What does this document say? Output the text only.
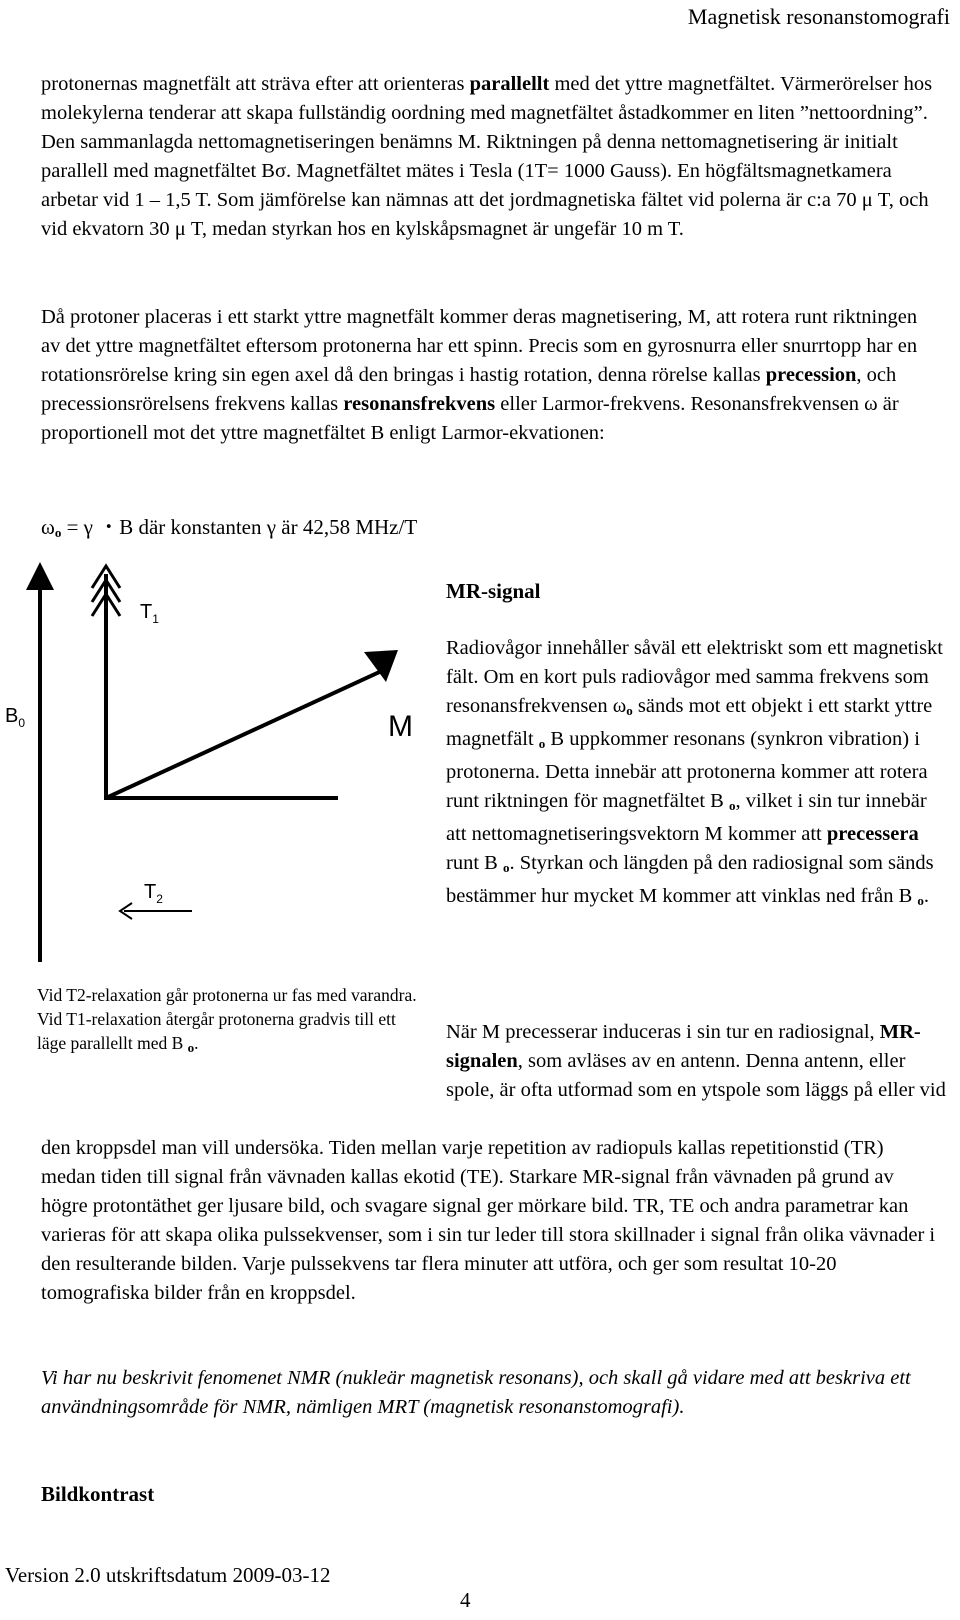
Magnetisk resonanstomografi

protonernas magnetfält att sträva efter att orienteras parallellt med det yttre magnetfältet. Värmerörelser hos molekylerna tenderar att skapa fullständig oordning med magnetfältet åstadkommer en liten ”nettoordning”. Den sammanlagda nettomagnetiseringen benämns M. Riktningen på denna nettomagnetisering är initialt parallell med magnetfältet Bσ. Magnetfältet mätes i Tesla (1T= 1000 Gauss). En högfältsmagnetkamera arbetar vid 1 – 1,5 T. Som jämförelse kan nämnas att det jordmagnetiska fältet vid polerna är c:a 70 μ T, och vid ekvatorn 30 μ T, medan styrkan hos en kylskåpsmagnet är ungefär 10 m T.

Då protoner placeras i ett starkt yttre magnetfält kommer deras magnetisering, M, att rotera runt riktningen av det yttre magnetfältet eftersom protonerna har ett spinn. Precis som en gyrosnurra eller snurrtopp har en rotationsrörelse kring sin egen axel då den bringas i hastig rotation, denna rörelse kallas precession, och precessionsrörelsens frekvens kallas resonansfrekvens eller Larmor-frekvens. Resonansfrekvensen ω är proportionell mot det yttre magnetfältet B enligt Larmor-ekvationen:

$\omega_o = \gamma$ ・B där konstanten γ är 42,58 MHz/T
$B_0$
$T_1$
M
$T_2$

Vid T2-relaxation går protonerna ur fas med varandra. Vid T1-relaxation återgår protonerna gradvis till ett läge parallellt med B $_o$.

MR-signal

Radiovågor innehåller såväl ett elektriskt som ett magnetiskt fält. Om en kort puls radiovågor med samma frekvens som resonansfrekvensen $\omega_o$ sänds mot ett objekt i ett starkt yttre magnetfält $_o$ B uppkommer resonans (synkron vibration) i protonerna. Detta innebär att protonerna kommer att rotera runt riktningen för magnetfältet B $_o$, vilket i sin tur innebär att nettomagnetiseringsvektorn M kommer att precessera runt B $_o$. Styrkan och längden på den radiosignal som sänds bestämmer hur mycket M kommer att vinklas ned från B $_o$.

När M precesserar induceras i sin tur en radiosignal, MR-signalen, som avläses av en antenn. Denna antenn, eller spole, är ofta utformad som en ytspole som läggs på eller vid

den kroppsdel man vill undersöka. Tiden mellan varje repetition av radiopuls kallas repetitionstid (TR) medan tiden till signal från vävnaden kallas ekotid (TE). Starkare MR-signal från vävnaden på grund av högre protontäthet ger ljusare bild, och svagare signal ger mörkare bild. TR, TE och andra parametrar kan varieras för att skapa olika pulssekvenser, som i sin tur leder till stora skillnader i signal från olika vävnader i den resulterande bilden. Varje pulssekvens tar flera minuter att utföra, och ger som resultat 10-20 tomografiska bilder från en kroppsdel.

Vi har nu beskrivit fenomenet NMR (nukleär magnetisk resonans), och skall gå vidare med att beskriva ett användningsområde för NMR, nämligen MRT (magnetisk resonanstomografi).

Bildkontrast
Version 2.0 utskriftsdatum 2009-03-12
4
